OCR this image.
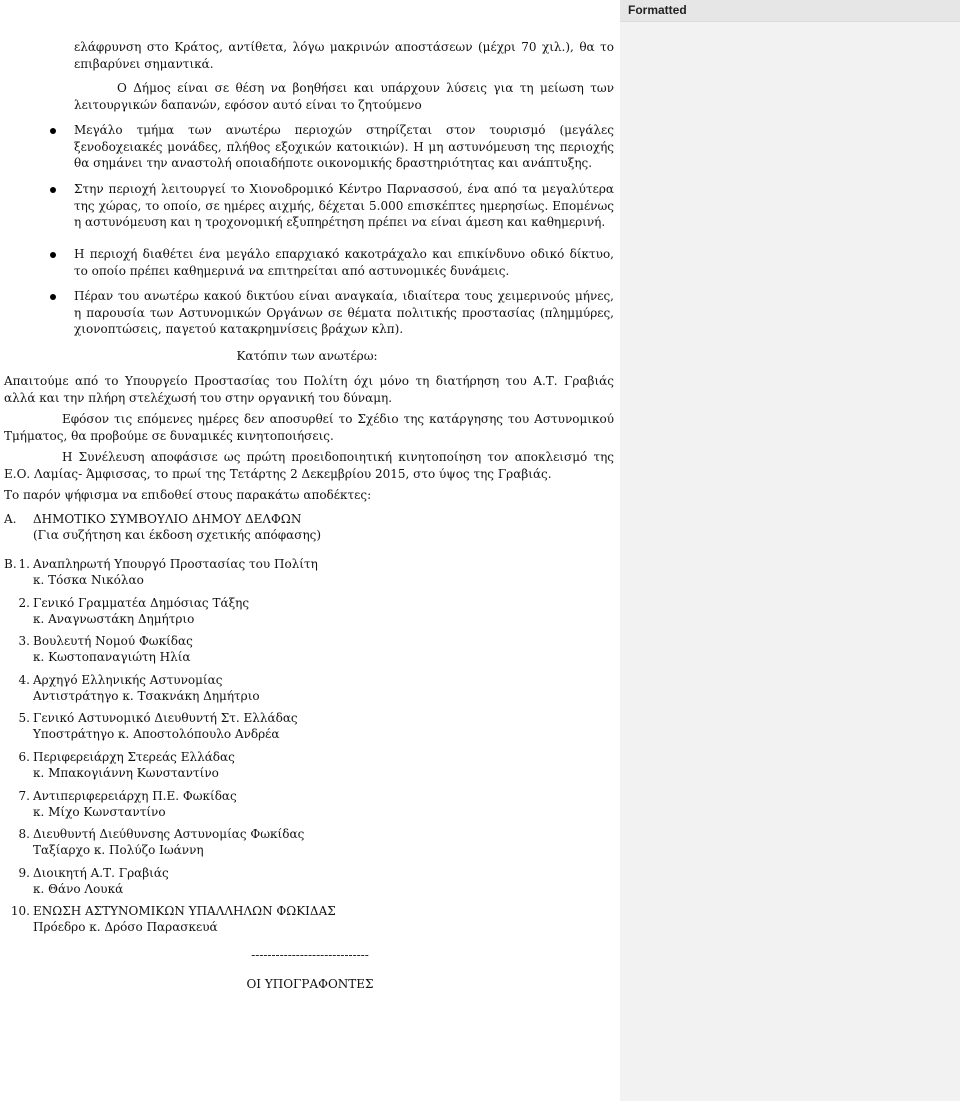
ελάφρυνση στο Κράτος, αντίθετα, λόγω μακρινών αποστάσεων (μέχρι 70 χιλ.), θα το επιβαρύνει σημαντικά.

Ο Δήμος είναι σε θέση να βοηθήσει και υπάρχουν λύσεις για τη μείωση των λειτουργικών δαπανών, εφόσον αυτό είναι το ζητούμενο

Μεγάλο τμήμα των ανωτέρω περιοχών στηρίζεται στον τουρισμό (μεγάλες ξενοδοχειακές μονάδες, πλήθος εξοχικών κατοικιών). Η μη αστυνόμευση της περιοχής θα σημάνει την αναστολή οποιαδήποτε οικονομικής δραστηριότητας και ανάπτυξης.

Στην περιοχή λειτουργεί το Χιονοδρομικό Κέντρο Παρνασσού, ένα από τα μεγαλύτερα της χώρας, το οποίο, σε ημέρες αιχμής, δέχεται 5.000 επισκέπτες ημερησίως. Επομένως η αστυνόμευση και η τροχονομική εξυπηρέτηση πρέπει να είναι άμεση και καθημερινή.

Η περιοχή διαθέτει ένα μεγάλο επαρχιακό κακοτράχαλο και επικίνδυνο οδικό δίκτυο, το οποίο πρέπει καθημερινά να επιτηρείται από αστυνομικές δυνάμεις.

Πέραν του ανωτέρω κακού δικτύου είναι αναγκαία, ιδιαίτερα τους χειμερινούς μήνες, η παρουσία των Αστυνομικών Οργάνων σε θέματα πολιτικής προστασίας (πλημμύρες, χιονοπτώσεις, παγετού κατακρημνίσεις βράχων κλπ).

Κατόπιν των ανωτέρω:

Απαιτούμε από το Υπουργείο Προστασίας του Πολίτη όχι μόνο τη διατήρηση του Α.Τ. Γραβιάς αλλά και την πλήρη στελέχωσή του στην οργανική του δύναμη.

Εφόσον τις επόμενες ημέρες δεν αποσυρθεί το Σχέδιο της κατάργησης του Αστυνομικού Τμήματος, θα προβούμε σε δυναμικές κινητοποιήσεις.

Η Συνέλευση αποφάσισε ως πρώτη προειδοποιητική κινητοποίηση τον αποκλεισμό της Ε.Ο. Λαμίας- Άμφισσας, το πρωί της Τετάρτης 2 Δεκεμβρίου 2015, στο ύψος της Γραβιάς.

Το παρόν ψήφισμα να επιδοθεί στους παρακάτω αποδέκτες:

Α. ΔΗΜΟΤΙΚΟ ΣΥΜΒΟΥΛΙΟ ΔΗΜΟΥ ΔΕΛΦΩΝ
(Για συζήτηση και έκδοση σχετικής απόφασης)
Β. 1. Αναπληρωτή Υπουργό Προστασίας του Πολίτη
κ. Τόσκα Νικόλαο
2. Γενικό Γραμματέα Δημόσιας Τάξης
κ. Αναγνωστάκη Δημήτριο
3. Βουλευτή Νομού Φωκίδας
κ. Κωστοπαναγιώτη Ηλία
4. Αρχηγό Ελληνικής Αστυνομίας
Αντιστράτηγο κ. Τσακνάκη Δημήτριο
5. Γενικό Αστυνομικό Διευθυντή Στ. Ελλάδας
Υποστράτηγο κ. Αποστολόπουλο Ανδρέα
6. Περιφερειάρχη Στερεάς Ελλάδας
κ. Μπακογιάννη Κωνσταντίνο
7. Αντιπεριφερειάρχη Π.Ε. Φωκίδας
κ. Μίχο Κωνσταντίνο
8. Διευθυντή Διεύθυνσης Αστυνομίας Φωκίδας
Ταξίαρχο κ. Πολύζο Ιωάννη
9. Διοικητή Α.Τ. Γραβιάς
κ. Θάνο Λουκά
10. ΕΝΩΣΗ ΑΣΤΥΝΟΜΙΚΩΝ ΥΠΑΛΛΗΛΩΝ ΦΩΚΙΔΑΣ
Πρόεδρο κ. Δρόσο Παρασκευά

-----------------------------

ΟΙ ΥΠΟΓΡΑΦΟΝΤΕΣ

Formatted
